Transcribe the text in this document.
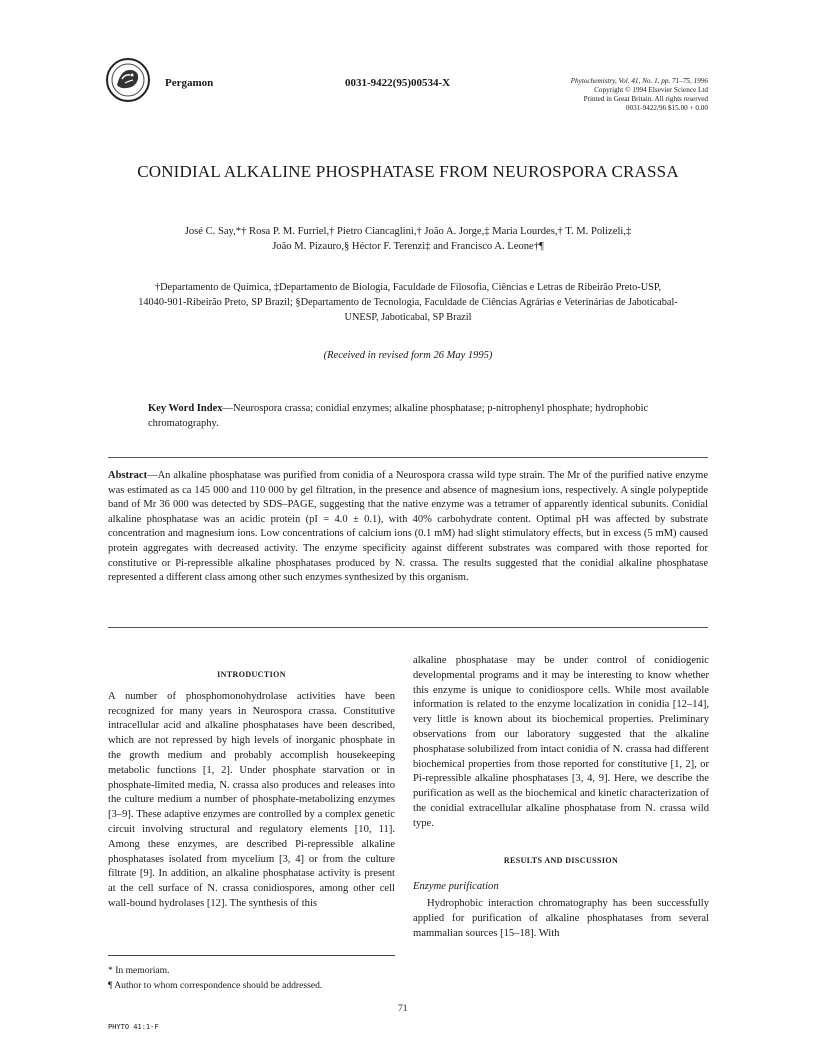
Pergamon	0031-9422(95)00534-X	Phytochemistry, Vol. 41, No. 1, pp. 71–75, 1996
Copyright © 1994 Elsevier Science Ltd
Printed in Great Britain. All rights reserved
0031-9422/96 $15.00 + 0.00
CONIDIAL ALKALINE PHOSPHATASE FROM NEUROSPORA CRASSA
José C. Say,*† Rosa P. M. Furriel,† Pietro Ciancaglini,† João A. Jorge,‡ Maria Lourdes,† T. M. Polizeli,‡
João M. Pizauro,§ Héctor F. Terenzi‡ and Francisco A. Leone†¶
†Departamento de Química, ‡Departamento de Biologia, Faculdade de Filosofia, Ciências e Letras de Ribeirão Preto-USP,
14040-901-Ribeirão Preto, SP Brazil; §Departamento de Tecnologia, Faculdade de Ciências Agrárias e Veterinárias de Jaboticabal-
UNESP, Jaboticabal, SP Brazil
(Received in revised form 26 May 1995)
Key Word Index—Neurospora crassa; conidial enzymes; alkaline phosphatase; p-nitrophenyl phosphate; hydrophobic chromatography.
Abstract—An alkaline phosphatase was purified from conidia of a Neurospora crassa wild type strain. The Mr of the purified native enzyme was estimated as ca 145 000 and 110 000 by gel filtration, in the presence and absence of magnesium ions, respectively. A single polypeptide band of Mr 36 000 was detected by SDS–PAGE, suggesting that the native enzyme was a tetramer of apparently identical subunits. Conidial alkaline phosphatase was an acidic protein (pI = 4.0 ± 0.1), with 40% carbohydrate content. Optimal pH was affected by substrate concentration and magnesium ions. Low concentrations of calcium ions (0.1 mM) had slight stimulatory effects, but in excess (5 mM) caused protein aggregates with decreased activity. The enzyme specificity against different substrates was compared with those reported for constitutive or Pi-repressible alkaline phosphatases produced by N. crassa. The results suggested that the conidial alkaline phosphatase represented a different class among other such enzymes synthesized by this organism.
INTRODUCTION

A number of phosphomonohydrolase activities have been recognized for many years in Neurospora crassa. Constitutive intracellular acid and alkaline phosphatases have been described, which are not repressed by high levels of inorganic phosphate in the growth medium and probably accomplish housekeeping metabolic functions [1, 2]. Under phosphate starvation or in phosphate-limited media, N. crassa also produces and releases into the culture medium a number of phosphate-metabolizing enzymes [3–9]. These adaptive enzymes are controlled by a complex genetic circuit involving structural and regulatory elements [10, 11]. Among these enzymes, are described Pi-repressible alkaline phosphatases isolated from mycelium [3, 4] or from the culture filtrate [9]. In addition, an alkaline phosphatase activity is present at the cell surface of N. crassa conidiospores, among other cell wall-bound hydrolases [12]. The synthesis of this

alkaline phosphatase may be under control of conidiogenic developmental programs and it may be interesting to know whether this enzyme is unique to conidiospore cells. While most available information is related to the enzyme localization in conidia [12–14], very little is known about its biochemical properties. Preliminary observations from our laboratory suggested that the alkaline phosphatase solubilized from intact conidia of N. crassa had different biochemical properties from those reported for constitutive [1, 2], or Pi-repressible alkaline phosphatases [3, 4, 9]. Here, we describe the purification as well as the biochemical and kinetic characterization of the conidial extracellular alkaline phosphatase from N. crassa wild type.

RESULTS AND DISCUSSION
Enzyme purification

Hydrophobic interaction chromatography has been successfully applied for purification of alkaline phosphatases from several mammalian sources [15–18]. With

* In memoriam.
¶ Author to whom correspondence should be addressed.
71
PHYTO 41:1-F
